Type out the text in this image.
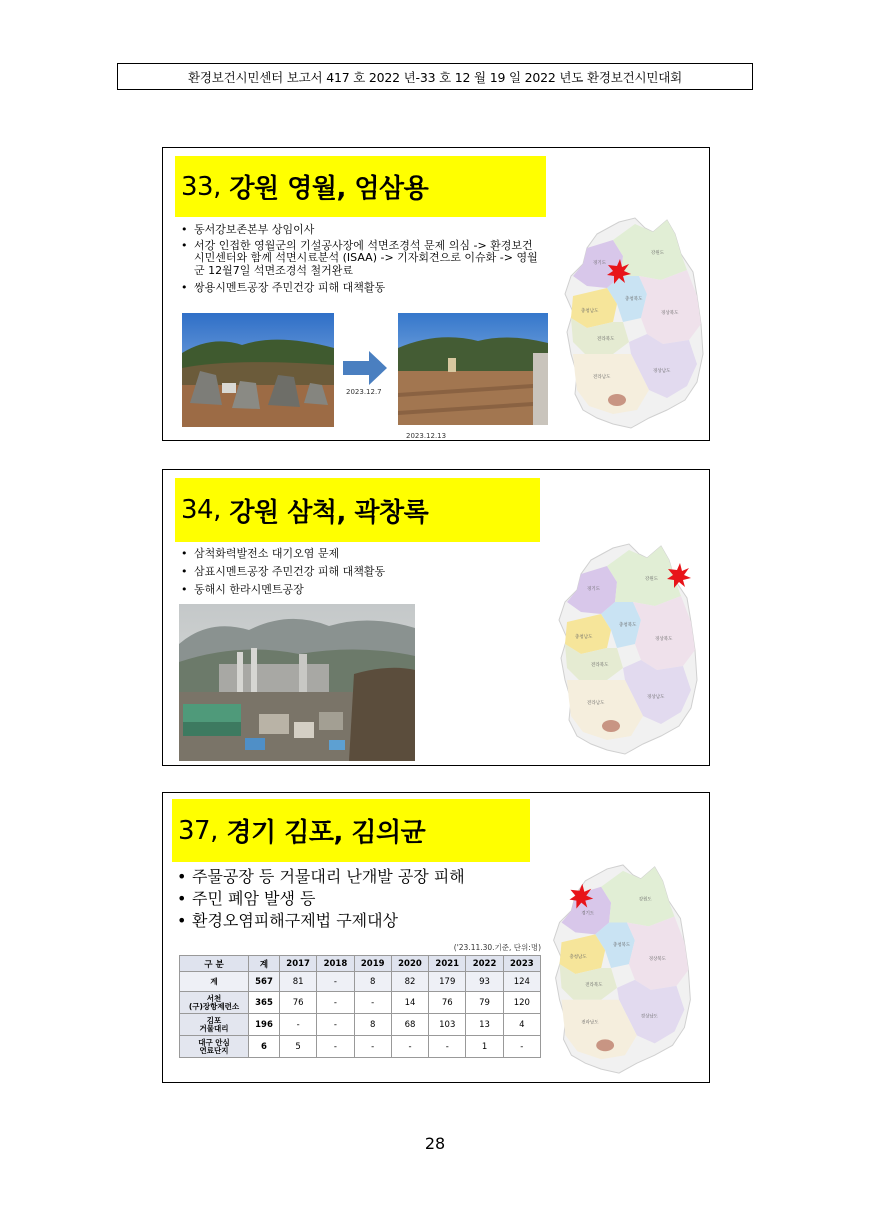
환경보건시민센터 보고서 417 호 2022 년-33 호 12 월 19 일 2022 년도 환경보건시민대회
33,
강원 영월, 엄삼용
• 동서강보존본부 상임이사
• 서강 인접한 영월군의 기설공사장에 석면조경석 문제 의심 -> 환경보건시민센터와 함께 석면시료분석 (ISAA) -> 기자회견으로 이슈화 -> 영월군 12월7일 석면조경석 철거완료
• 쌍용시멘트공장 주민건강 피해 대책활동
2023.12.7
2023.12.13
경기도
강원도
충청북도
충청남도	경상북도
전라북도
경상남도
전라남도
34,
강원 삼척, 곽창록
• 삼척화력발전소 대기오염 문제
• 삼표시멘트공장 주민건강 피해 대책활동
• 동해시 한라시멘트공장	경기도
강원도
충청북도
충청남도	경상북도
전라북도
경상남도
전라남도
37,
경기 김포, 김의균
• 주물공장 등 거물대리 난개발 공장 피해
• 주민 폐암 발생 등
• 환경오염피해구제법 구제대상
('23.11.30.기준, 단위:명)
구 분	계	2017	2018	2019	2020	2021	2022	2023
계	567	81	-	8	82	179	93	124
서천
(구)장항제련소	365	76	-	-	14	76	79	120
김포
거물대리	196	-	-	8	68	103	13	4
대구 안심
연료단지	6	5	-	-	-	-	1	-
경기도
강원도
충청북도
충청남도	경상북도
전라북도
경상남도
전라남도
28
